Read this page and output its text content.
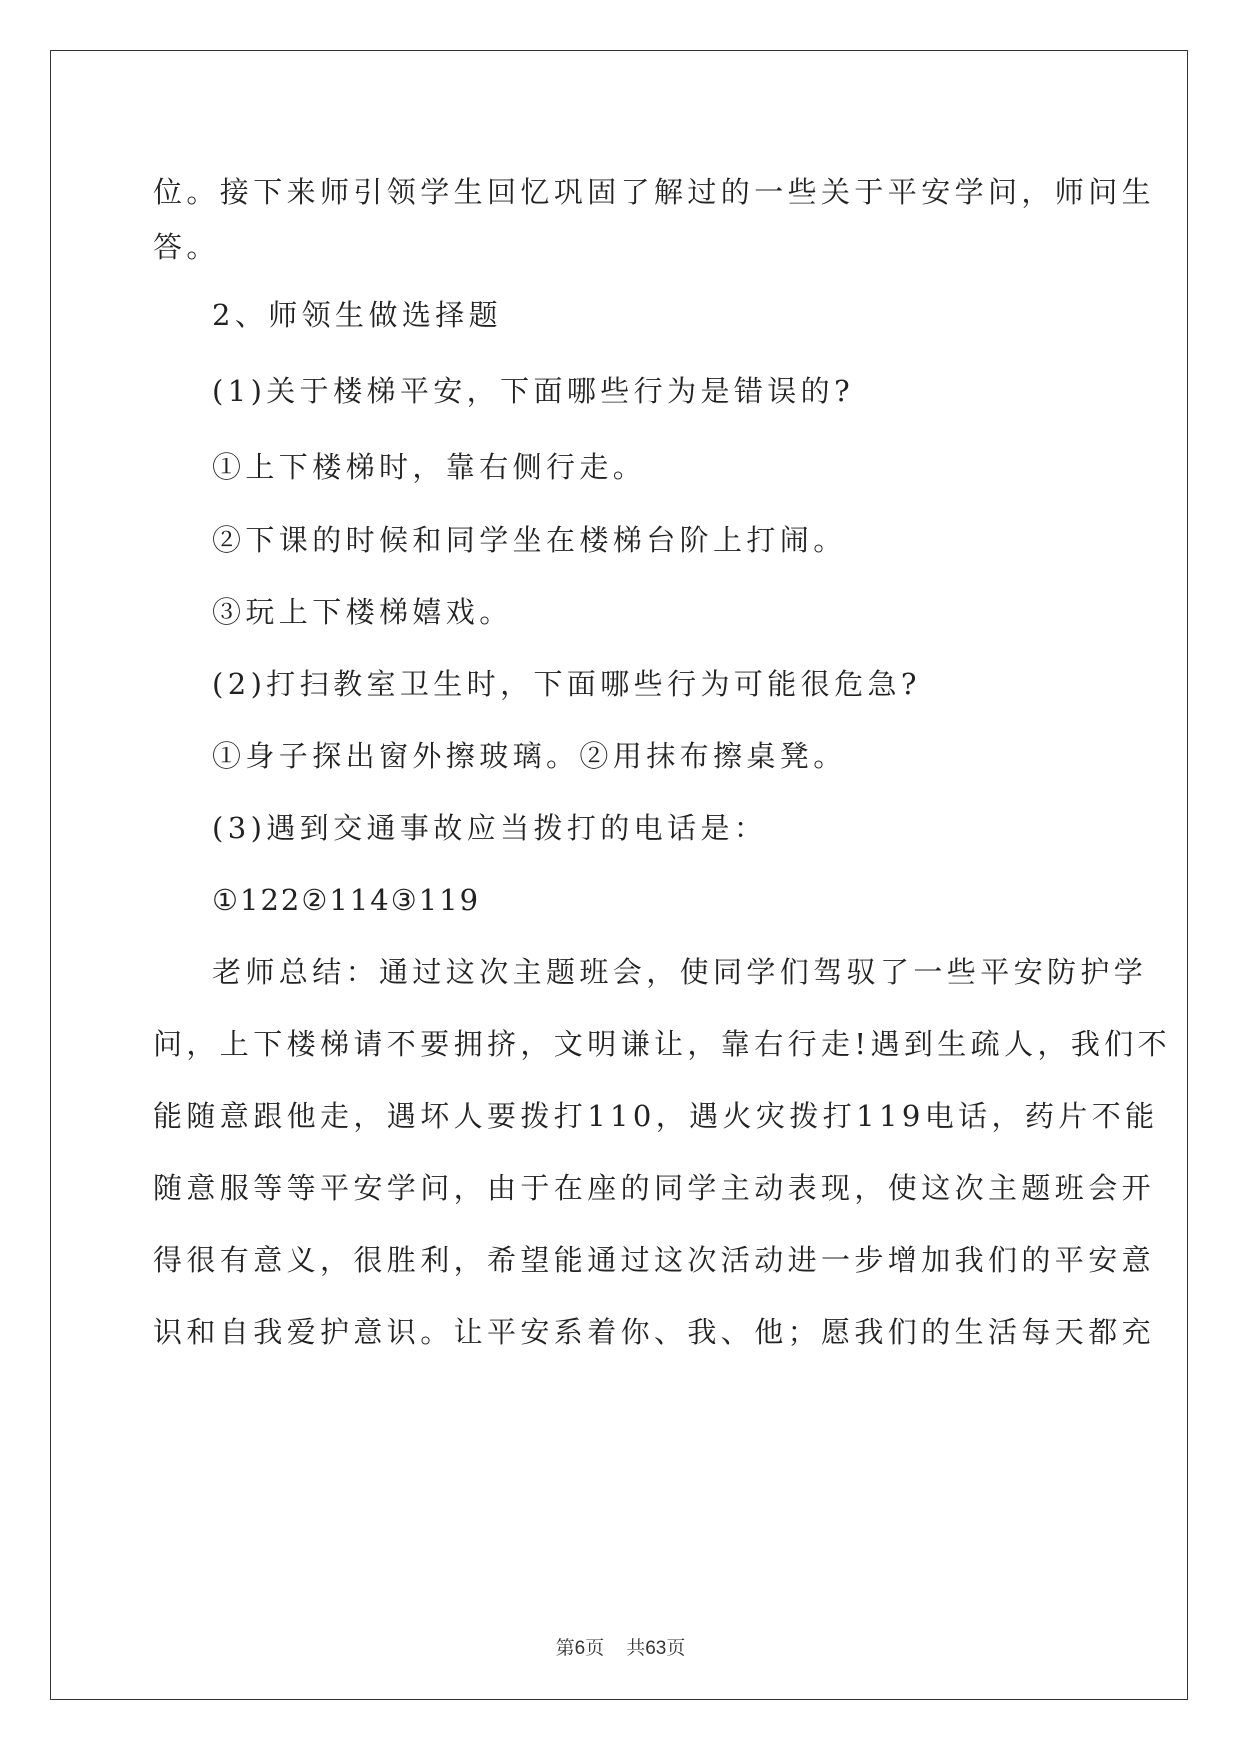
位。接下来师引领学生回忆巩固了解过的一些关于平安学问，师问生
答。
2、师领生做选择题
(1)关于楼梯平安，下面哪些行为是错误的?
①上下楼梯时，靠右侧行走。
②下课的时候和同学坐在楼梯台阶上打闹。
③玩上下楼梯嬉戏。
(2)打扫教室卫生时，下面哪些行为可能很危急?
①身子探出窗外擦玻璃。②用抹布擦桌凳。
(3)遇到交通事故应当拨打的电话是：
①122②114③119
老师总结：通过这次主题班会，使同学们驾驭了一些平安防护学
问，上下楼梯请不要拥挤，文明谦让，靠右行走!遇到生疏人，我们不
能随意跟他走，遇坏人要拨打110，遇火灾拨打119电话，药片不能
随意服等等平安学问，由于在座的同学主动表现，使这次主题班会开
得很有意义，很胜利，希望能通过这次活动进一步增加我们的平安意
识和自我爱护意识。让平安系着你、我、他；愿我们的生活每天都充
第6页 共63页
